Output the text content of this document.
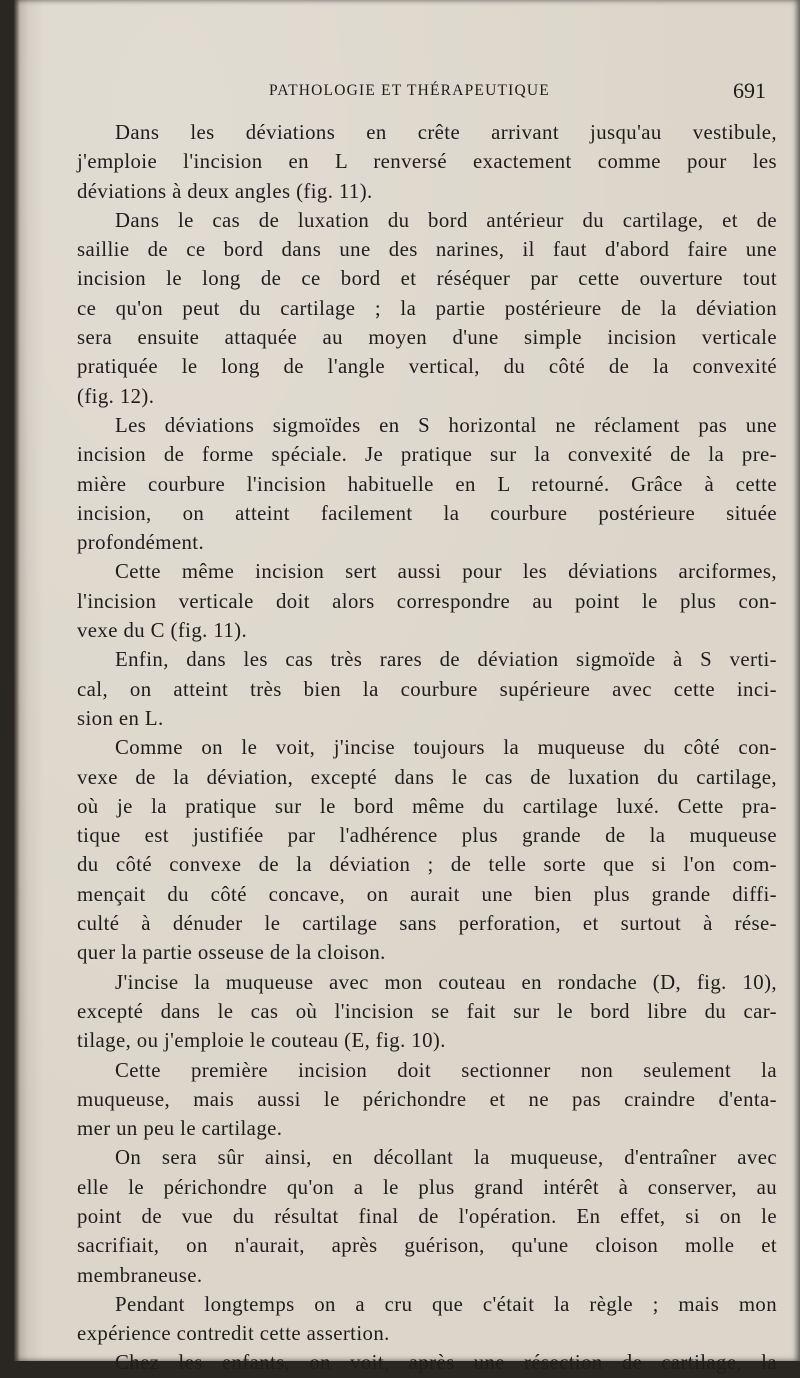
PATHOLOGIE ET THÉRAPEUTIQUE	691
Dans les déviations en crête arrivant jusqu'au vestibule,
j'emploie l'incision en L renversé exactement comme pour les
déviations à deux angles (fig. 11).
Dans le cas de luxation du bord antérieur du cartilage, et de
saillie de ce bord dans une des narines, il faut d'abord faire une
incision le long de ce bord et réséquer par cette ouverture tout
ce qu'on peut du cartilage ; la partie postérieure de la déviation
sera ensuite attaquée au moyen d'une simple incision verticale
pratiquée le long de l'angle vertical, du côté de la convexité
(fig. 12).
Les déviations sigmoïdes en S horizontal ne réclament pas une
incision de forme spéciale. Je pratique sur la convexité de la pre-
mière courbure l'incision habituelle en L retourné. Grâce à cette
incision, on atteint facilement la courbure postérieure située
profondément.
Cette même incision sert aussi pour les déviations arciformes,
l'incision verticale doit alors correspondre au point le plus con-
vexe du C (fig. 11).
Enfin, dans les cas très rares de déviation sigmoïde à S verti-
cal, on atteint très bien la courbure supérieure avec cette inci-
sion en L.
Comme on le voit, j'incise toujours la muqueuse du côté con-
vexe de la déviation, excepté dans le cas de luxation du cartilage,
où je la pratique sur le bord même du cartilage luxé. Cette pra-
tique est justifiée par l'adhérence plus grande de la muqueuse
du côté convexe de la déviation ; de telle sorte que si l'on com-
mençait du côté concave, on aurait une bien plus grande diffi-
culté à dénuder le cartilage sans perforation, et surtout à rése-
quer la partie osseuse de la cloison.
J'incise la muqueuse avec mon couteau en rondache (D, fig. 10),
excepté dans le cas où l'incision se fait sur le bord libre du car-
tilage, ou j'emploie le couteau (E, fig. 10).
Cette première incision doit sectionner non seulement la
muqueuse, mais aussi le périchondre et ne pas craindre d'enta-
mer un peu le cartilage.
On sera sûr ainsi, en décollant la muqueuse, d'entraîner avec
elle le périchondre qu'on a le plus grand intérêt à conserver, au
point de vue du résultat final de l'opération. En effet, si on le
sacrifiait, on n'aurait, après guérison, qu'une cloison molle et
membraneuse.
Pendant longtemps on a cru que c'était la règle ; mais mon
expérience contredit cette assertion.
Chez les enfants, on voit, après une résection de cartilage, la
